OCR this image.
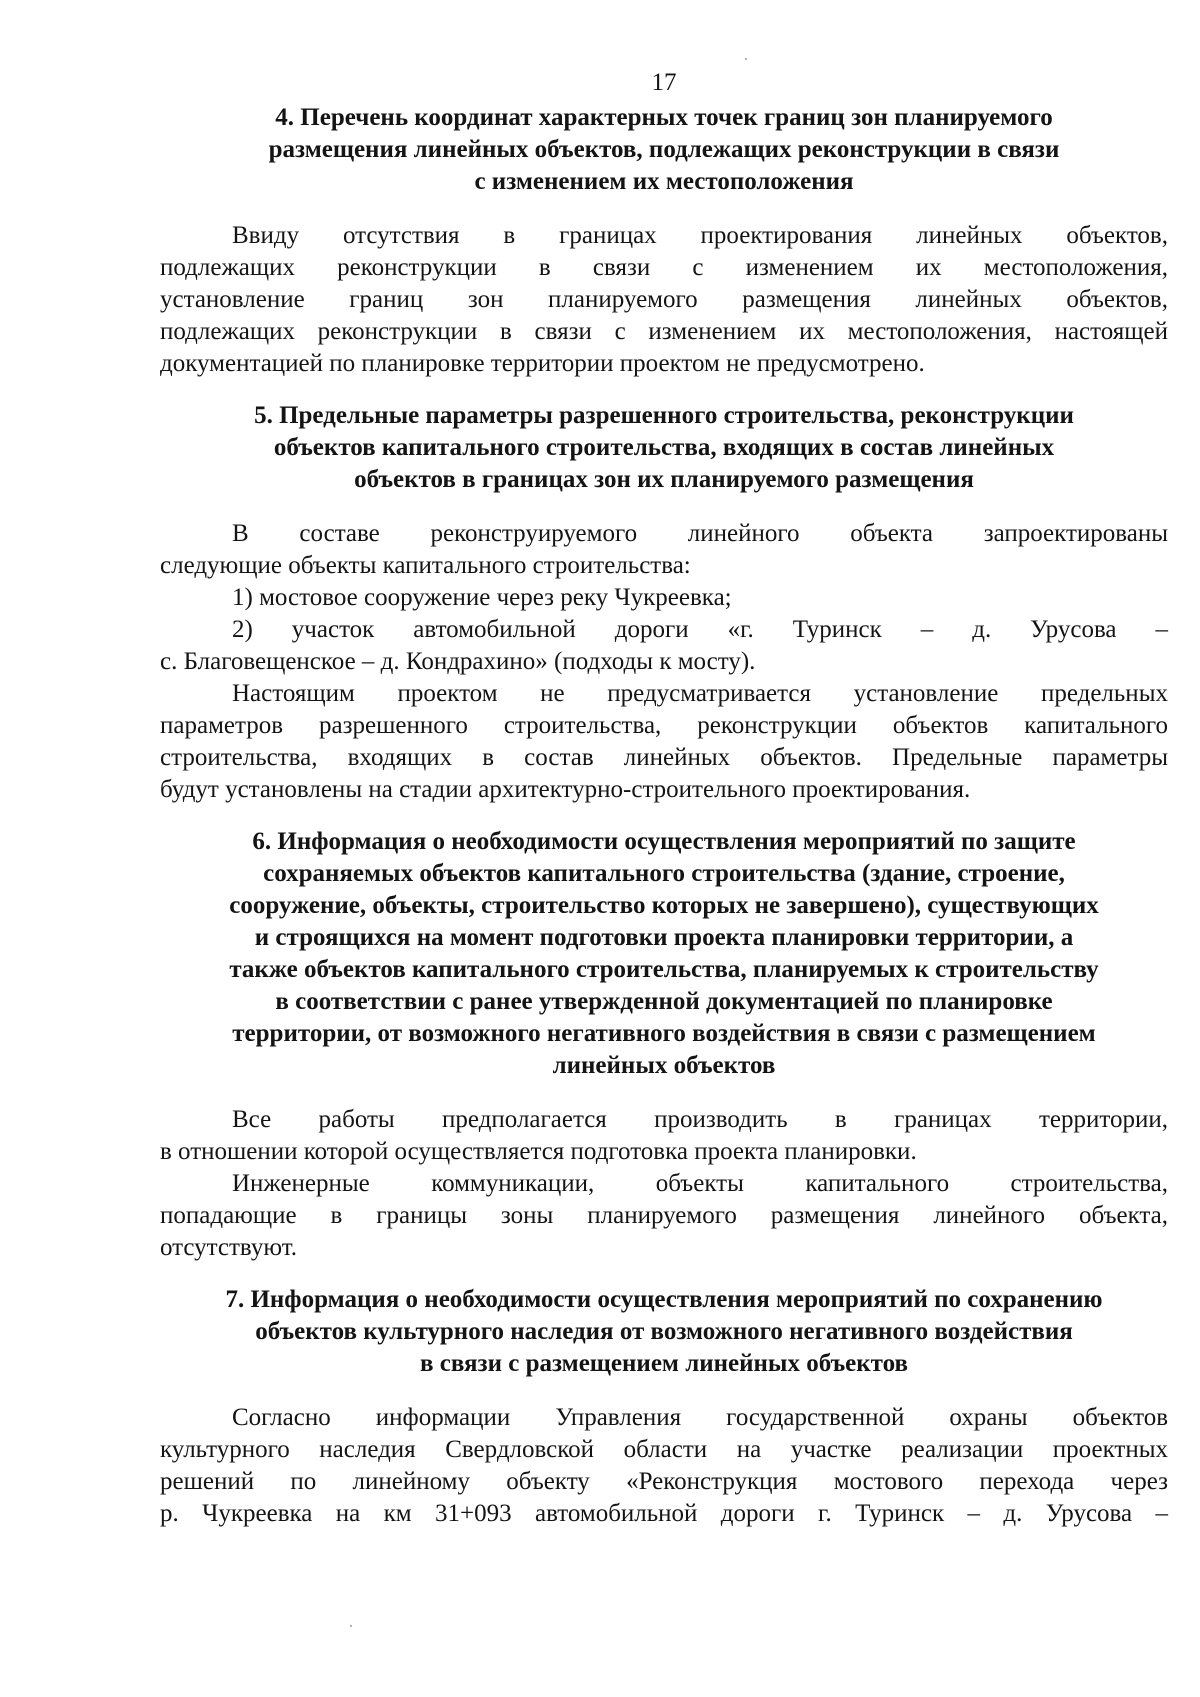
17
4. Перечень координат характерных точек границ зон планируемого
размещения линейных объектов, подлежащих реконструкции в связи
с изменением их местоположения

Ввиду отсутствия в границах проектирования линейных объектов,
подлежащих реконструкции в связи с изменением их местоположения,
установление границ зон планируемого размещения линейных объектов,
подлежащих реконструкции в связи с изменением их местоположения, настоящей
документацией по планировке территории проектом не предусмотрено.

5. Предельные параметры разрешенного строительства, реконструкции
объектов капитального строительства, входящих в состав линейных
объектов в границах зон их планируемого размещения

В составе реконструируемого линейного объекта запроектированы
следующие объекты капитального строительства:

1) мостовое сооружение через реку Чукреевка;

2) участок автомобильной дороги «г. Туринск – д. Урусова –
с. Благовещенское – д. Кондрахино» (подходы к мосту).

Настоящим проектом не предусматривается установление предельных
параметров разрешенного строительства, реконструкции объектов капитального
строительства, входящих в состав линейных объектов. Предельные параметры
будут установлены на стадии архитектурно-строительного проектирования.

6. Информация о необходимости осуществления мероприятий по защите
сохраняемых объектов капитального строительства (здание, строение,
сооружение, объекты, строительство которых не завершено), существующих
и строящихся на момент подготовки проекта планировки территории, а
также объектов капитального строительства, планируемых к строительству
в соответствии с ранее утвержденной документацией по планировке
территории, от возможного негативного воздействия в связи с размещением
линейных объектов

Все работы предполагается производить в границах территории,
в отношении которой осуществляется подготовка проекта планировки.

Инженерные коммуникации, объекты капитального строительства,
попадающие в границы зоны планируемого размещения линейного объекта,
отсутствуют.

7. Информация о необходимости осуществления мероприятий по сохранению
объектов культурного наследия от возможного негативного воздействия
в связи с размещением линейных объектов

Согласно информации Управления государственной охраны объектов
культурного наследия Свердловской области на участке реализации проектных
решений по линейному объекту «Реконструкция мостового перехода через
р. Чукреевка на км 31+093 автомобильной дороги г. Туринск – д. Урусова –
